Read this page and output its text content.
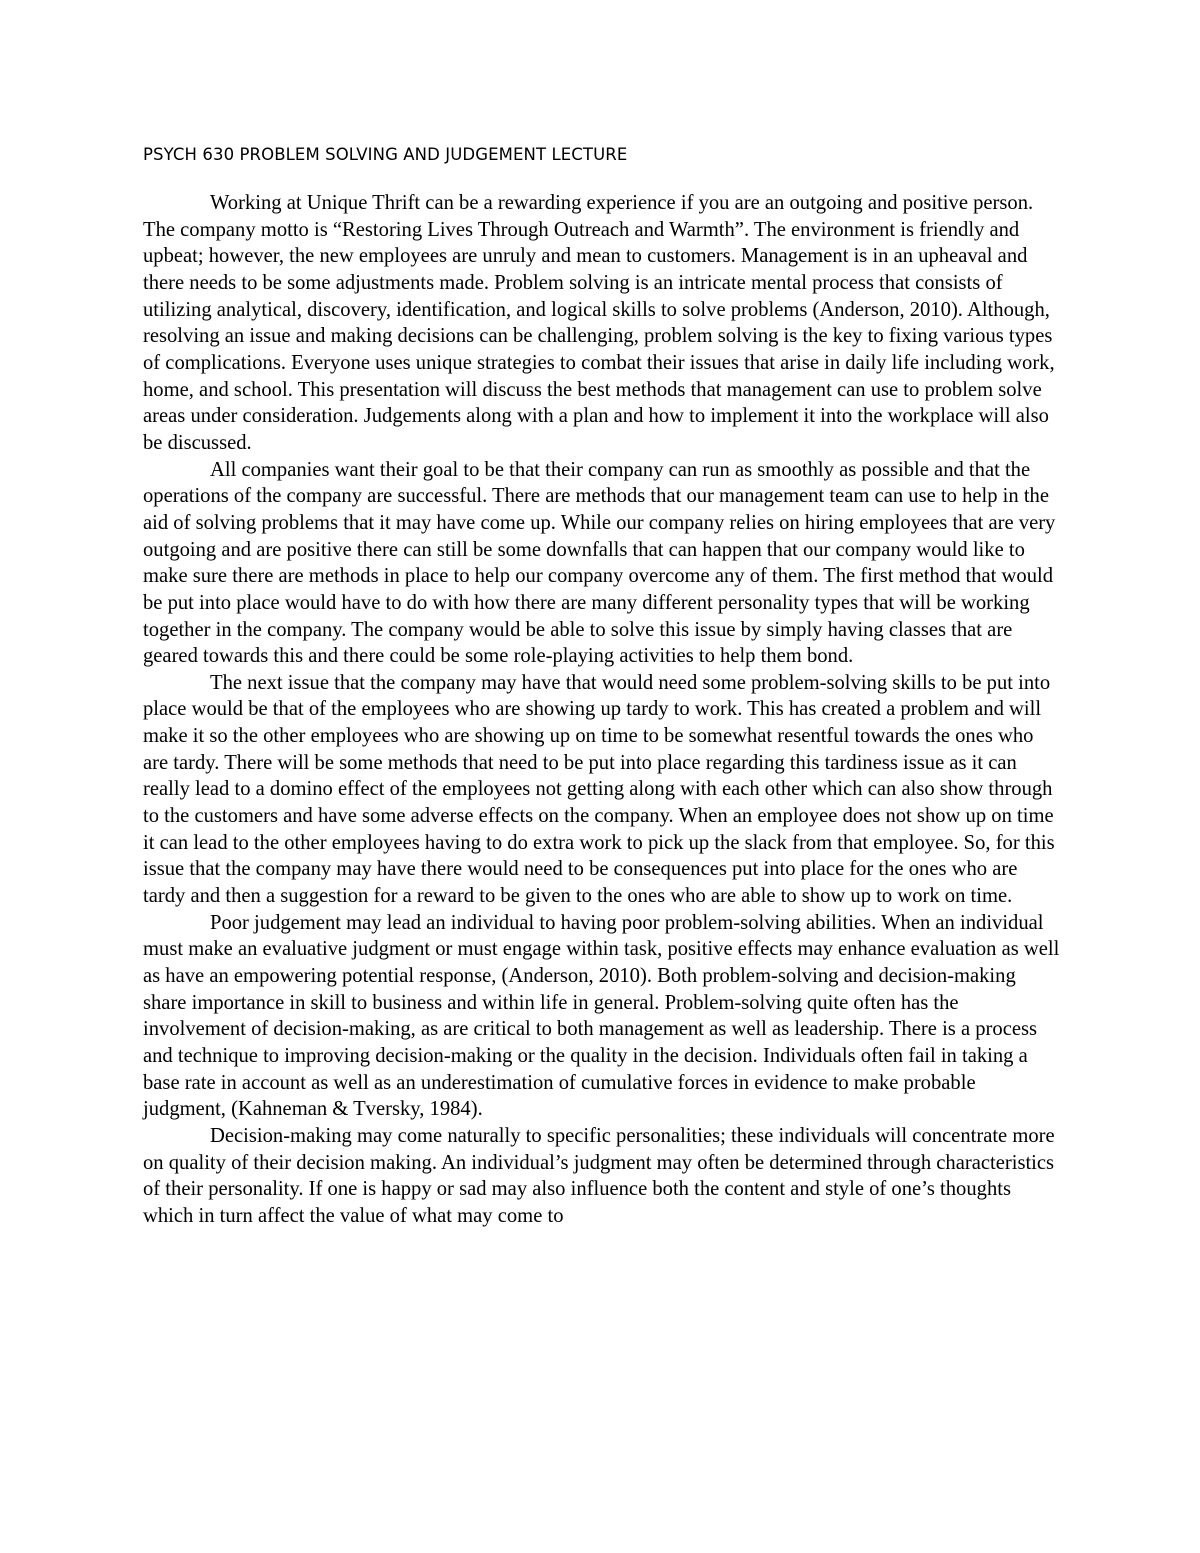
PSYCH 630 PROBLEM SOLVING AND JUDGEMENT LECTURE

Working at Unique Thrift can be a rewarding experience if you are an outgoing and positive person. The company motto is “Restoring Lives Through Outreach and Warmth”. The environment is friendly and upbeat; however, the new employees are unruly and mean to customers. Management is in an upheaval and there needs to be some adjustments made. Problem solving is an intricate mental process that consists of utilizing analytical, discovery, identification, and logical skills to solve problems (Anderson, 2010). Although, resolving an issue and making decisions can be challenging, problem solving is the key to fixing various types of complications. Everyone uses unique strategies to combat their issues that arise in daily life including work, home, and school. This presentation will discuss the best methods that management can use to problem solve areas under consideration. Judgements along with a plan and how to implement it into the workplace will also be discussed.

All companies want their goal to be that their company can run as smoothly as possible and that the operations of the company are successful. There are methods that our management team can use to help in the aid of solving problems that it may have come up. While our company relies on hiring employees that are very outgoing and are positive there can still be some downfalls that can happen that our company would like to make sure there are methods in place to help our company overcome any of them. The first method that would be put into place would have to do with how there are many different personality types that will be working together in the company. The company would be able to solve this issue by simply having classes that are geared towards this and there could be some role-playing activities to help them bond.

The next issue that the company may have that would need some problem-solving skills to be put into place would be that of the employees who are showing up tardy to work. This has created a problem and will make it so the other employees who are showing up on time to be somewhat resentful towards the ones who are tardy. There will be some methods that need to be put into place regarding this tardiness issue as it can really lead to a domino effect of the employees not getting along with each other which can also show through to the customers and have some adverse effects on the company. When an employee does not show up on time it can lead to the other employees having to do extra work to pick up the slack from that employee. So, for this issue that the company may have there would need to be consequences put into place for the ones who are tardy and then a suggestion for a reward to be given to the ones who are able to show up to work on time.

Poor judgement may lead an individual to having poor problem-solving abilities. When an individual must make an evaluative judgment or must engage within task, positive effects may enhance evaluation as well as have an empowering potential response, (Anderson, 2010). Both problem-solving and decision-making share importance in skill to business and within life in general. Problem-solving quite often has the involvement of decision-making, as are critical to both management as well as leadership. There is a process and technique to improving decision-making or the quality in the decision. Individuals often fail in taking a base rate in account as well as an underestimation of cumulative forces in evidence to make probable judgment, (Kahneman & Tversky, 1984).

Decision-making may come naturally to specific personalities; these individuals will concentrate more on quality of their decision making. An individual’s judgment may often be determined through characteristics of their personality. If one is happy or sad may also influence both the content and style of one’s thoughts which in turn affect the value of what may come to
